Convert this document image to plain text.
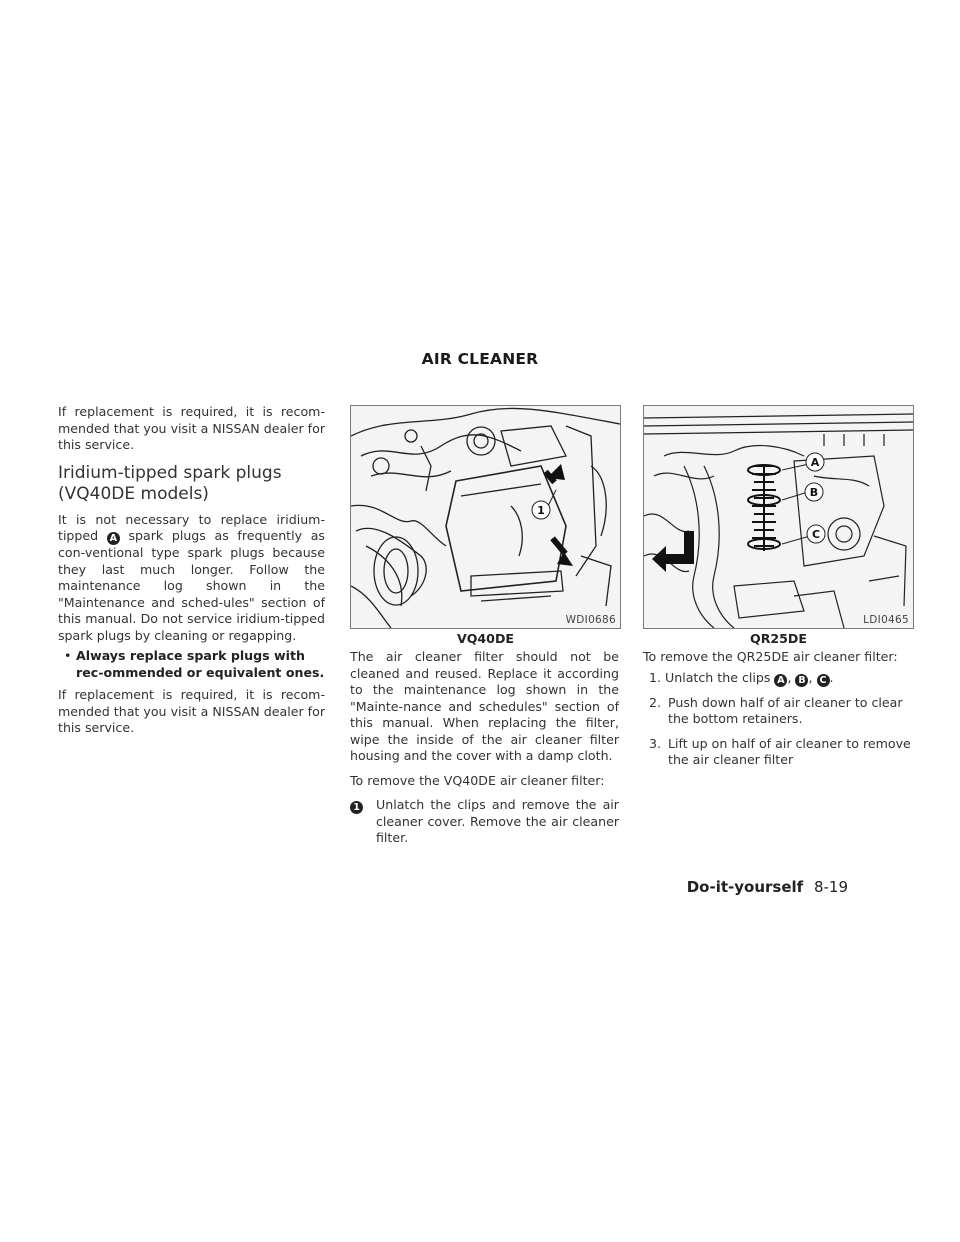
AIR CLEANER

If replacement is required, it is recom-mended that you visit a NISSAN dealer for this service.

Iridium-tipped spark plugs
(VQ40DE models)

It is not necessary to replace iridium-tipped A spark plugs as frequently as con-ventional type spark plugs because they last much longer. Follow the maintenance log shown in the "Maintenance and sched-ules" section of this manual. Do not service iridium-tipped spark plugs by cleaning or regapping.

• Always replace spark plugs with rec-ommended or equivalent ones.

If replacement is required, it is recom-mended that you visit a NISSAN dealer for this service.

1
WDI0686
VQ40DE

The air cleaner filter should not be cleaned and reused. Replace it according to the maintenance log shown in the "Mainte-nance and schedules" section of this manual. When replacing the filter, wipe the inside of the air cleaner filter housing and the cover with a damp cloth.

To remove the VQ40DE air cleaner filter:

1	Unlatch the clips and remove the air cleaner cover. Remove the air cleaner filter.
A
B
C
LDI0465
QR25DE

To remove the QR25DE air cleaner filter:

1. Unlatch the clips A , B , C .
2. Push down half of air cleaner to clear the bottom retainers.
3. Lift up on half of air cleaner to remove the air cleaner filter
Do-it-yourself 8-19
